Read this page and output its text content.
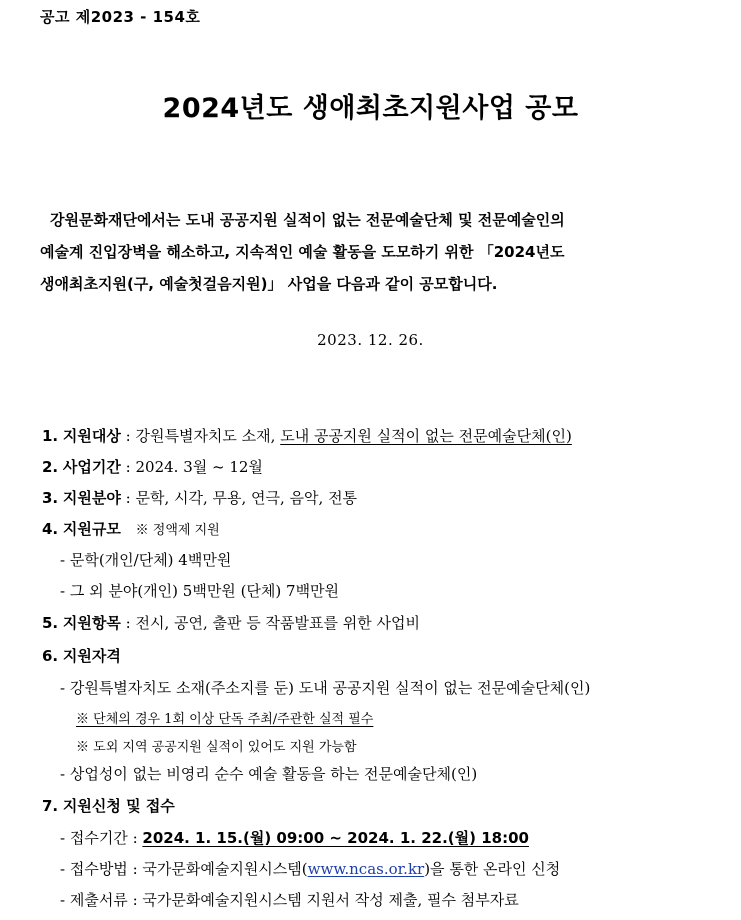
공고 제2023 - 154호
2024년도 생애최초지원사업 공모
강원문화재단에서는 도내 공공지원 실적이 없는 전문예술단체 및 전문예술인의
예술계 진입장벽을 해소하고, 지속적인 예술 활동을 도모하기 위한 「2024년도
생애최초지원(구, 예술첫걸음지원)」 사업을 다음과 같이 공모합니다.
2023. 12. 26.
1. 지원대상 : 강원특별자치도 소재, 도내 공공지원 실적이 없는 전문예술단체(인)
2. 사업기간 : 2024. 3월 ~ 12월
3. 지원분야 : 문학, 시각, 무용, 연극, 음악, 전통
4. 지원규모 ※ 정액제 지원
- 문학(개인/단체) 4백만원
- 그 외 분야(개인) 5백만원 (단체) 7백만원
5. 지원항목 : 전시, 공연, 출판 등 작품발표를 위한 사업비
6. 지원자격
- 강원특별자치도 소재(주소지를 둔) 도내 공공지원 실적이 없는 전문예술단체(인)
※ 단체의 경우 1회 이상 단독 주최/주관한 실적 필수
※ 도외 지역 공공지원 실적이 있어도 지원 가능함
- 상업성이 없는 비영리 순수 예술 활동을 하는 전문예술단체(인)
7. 지원신청 및 접수
- 접수기간 : 2024. 1. 15.(월) 09:00 ~ 2024. 1. 22.(월) 18:00
- 접수방법 : 국가문화예술지원시스템(www.ncas.or.kr)을 통한 온라인 신청
- 제출서류 : 국가문화예술지원시스템 지원서 작성 제출, 필수 첨부자료
